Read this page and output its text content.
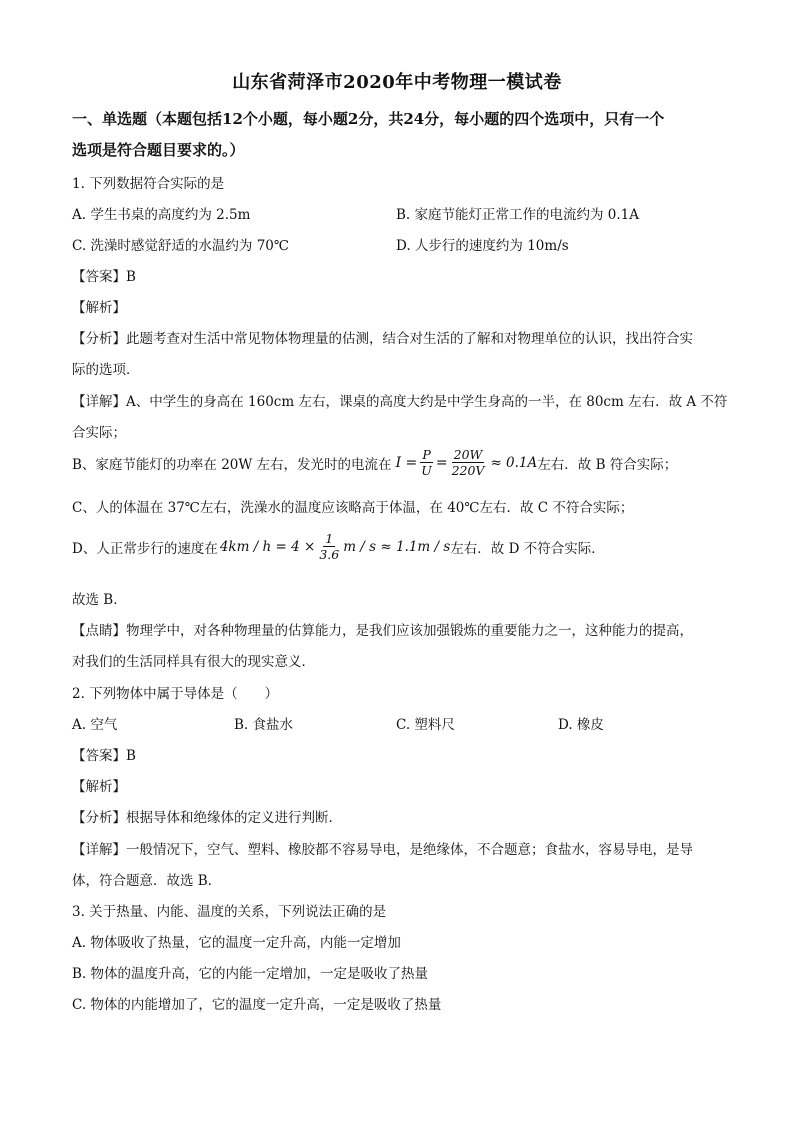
山东省菏泽市2020年中考物理一模试卷
一、单选题（本题包括12个小题，每小题2分，共24分，每小题的四个选项中，只有一个
选项是符合题目要求的。）
1. 下列数据符合实际的是
A. 学生书桌的高度约为 2.5m	B. 家庭节能灯正常工作的电流约为 0.1A
C. 洗澡时感觉舒适的水温约为 70℃	D. 人步行的速度约为 10m/s
【答案】B
【解析】
【分析】此题考查对生活中常见物体物理量的估测，结合对生活的了解和对物理单位的认识，找出符合实
际的选项．
【详解】A、中学生的身高在 160cm 左右，课桌的高度大约是中学生身高的一半，在 80cm 左右．故 A 不符
合实际；
B、家庭节能灯的功率在 20W 左右，发光时的电流在 $I = \frac{P}{U} = \frac{20W}{220V} \approx 0.1A$ 左右．故 B 符合实际；
C、人的体温在 37℃左右，洗澡水的温度应该略高于体温，在 40℃左右．故 C 不符合实际；
D、人正常步行的速度在 $4km / h = 4 \times \frac{1}{3.6}$ m / s ≈ 1.1m / s 左右．故 D 不符合实际．
故选 B．
【点睛】物理学中，对各种物理量的估算能力，是我们应该加强锻炼的重要能力之一，这种能力的提高，
对我们的生活同样具有很大的现实意义．
2. 下列物体中属于导体是（　　）
A. 空气	B. 食盐水	C. 塑料尺	D. 橡皮
【答案】B
【解析】
【分析】根据导体和绝缘体的定义进行判断．
【详解】一般情况下，空气、塑料、橡胶都不容易导电，是绝缘体，不合题意；食盐水，容易导电，是导
体，符合题意．故选 B．
3. 关于热量、内能、温度的关系，下列说法正确的是
A. 物体吸收了热量，它的温度一定升高，内能一定增加
B. 物体的温度升高，它的内能一定增加，一定是吸收了热量
C. 物体的内能增加了，它的温度一定升高，一定是吸收了热量
